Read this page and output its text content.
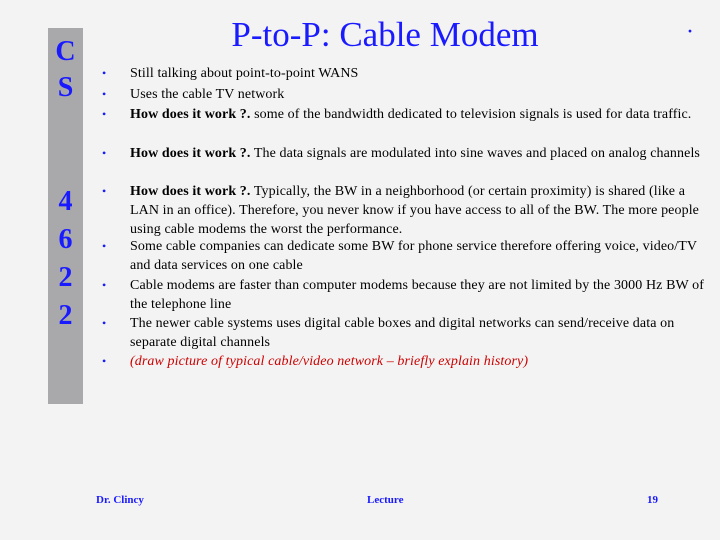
C
S
4
6
2
2
P-to-P: Cable Modem	·
• Still talking about point-to-point WANS
• Uses the cable TV network
• How does it work ?. some of the bandwidth dedicated to television signals is used for data traffic.
• How does it work ?. The data signals are modulated into sine waves and placed on analog channels
• How does it work ?. Typically, the BW in a neighborhood (or certain proximity) is shared (like a LAN in an office). Therefore, you never know if you have access to all of the BW. The more people using cable modems the worst the performance.
• Some cable companies can dedicate some BW for phone service therefore offering voice, video/TV and data services on one cable
• Cable modems are faster than computer modems because they are not limited by the 3000 Hz BW of the telephone line
• The newer cable systems uses digital cable boxes and digital networks can send/receive data on separate digital channels
• (draw picture of typical cable/video network – briefly explain history)
Dr. Clincy	Lecture	19
